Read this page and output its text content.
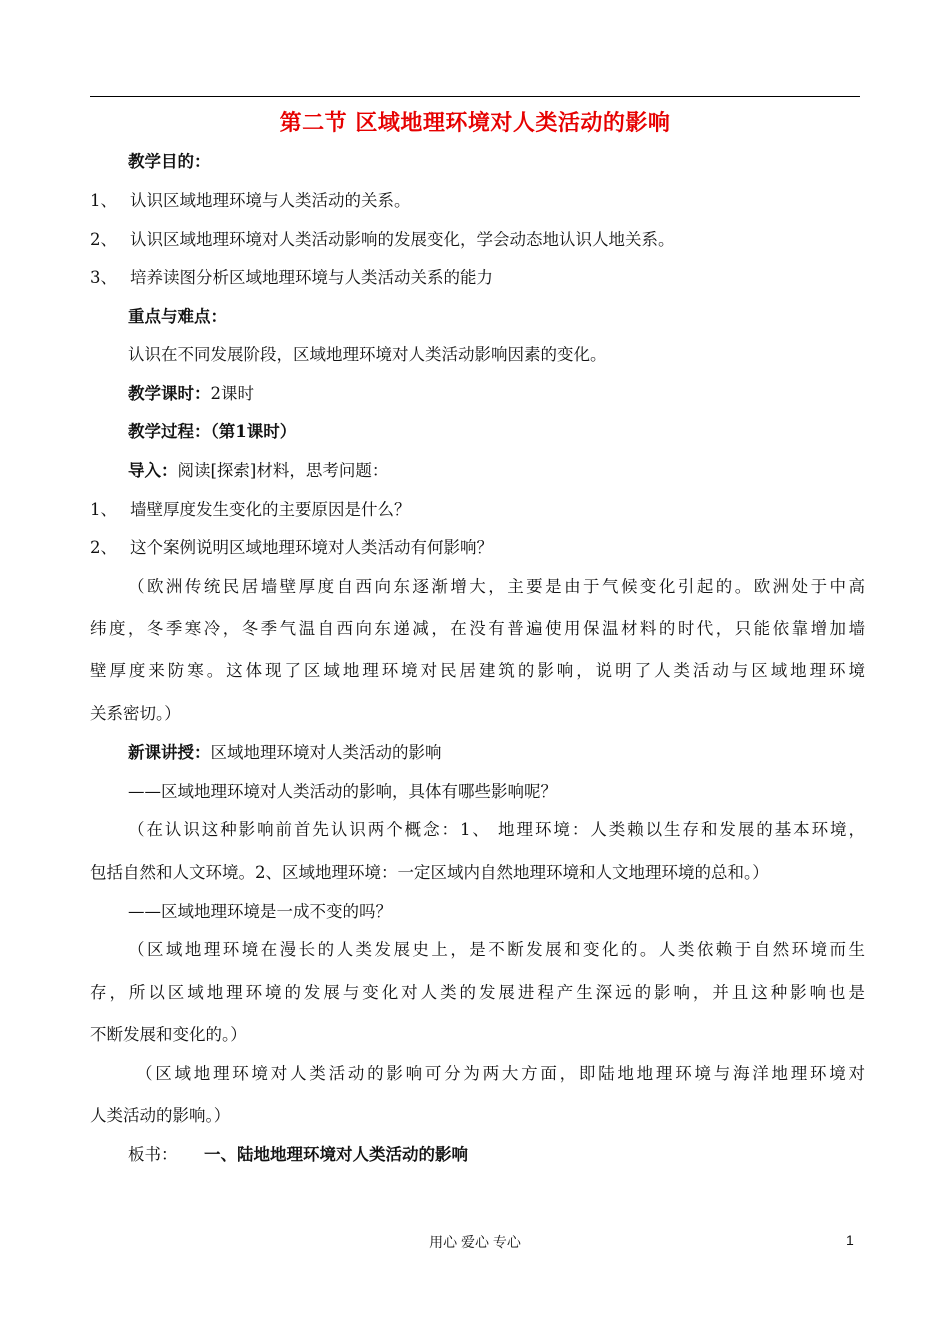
第二节 区域地理环境对人类活动的影响
教学目的：
1、 认识区域地理环境与人类活动的关系。
2、 认识区域地理环境对人类活动影响的发展变化，学会动态地认识人地关系。
3、 培养读图分析区域地理环境与人类活动关系的能力
重点与难点：
认识在不同发展阶段，区域地理环境对人类活动影响因素的变化。
教学课时：2课时
教学过程：（第1课时）
导入：阅读[探索]材料，思考问题：
1、 墙壁厚度发生变化的主要原因是什么？
2、 这个案例说明区域地理环境对人类活动有何影响？
（欧洲传统民居墙壁厚度自西向东逐渐增大，主要是由于气候变化引起的。欧洲处于中高
纬度，冬季寒冷，冬季气温自西向东递减，在没有普遍使用保温材料的时代，只能依靠增加墙
壁厚度来防寒。这体现了区域地理环境对民居建筑的影响，说明了人类活动与区域地理环境
关系密切。）
新课讲授：区域地理环境对人类活动的影响
——区域地理环境对人类活动的影响，具体有哪些影响呢？
（在认识这种影响前首先认识两个概念：1、 地理环境：人类赖以生存和发展的基本环境，
包括自然和人文环境。2、区域地理环境：一定区域内自然地理环境和人文地理环境的总和。）
——区域地理环境是一成不变的吗？
（区域地理环境在漫长的人类发展史上，是不断发展和变化的。人类依赖于自然环境而生
存，所以区域地理环境的发展与变化对人类的发展进程产生深远的影响，并且这种影响也是
不断发展和变化的。）
（区域地理环境对人类活动的影响可分为两大方面，即陆地地理环境与海洋地理环境对
人类活动的影响。）
板书： 一、陆地地理环境对人类活动的影响
用心 爱心 专心	1
